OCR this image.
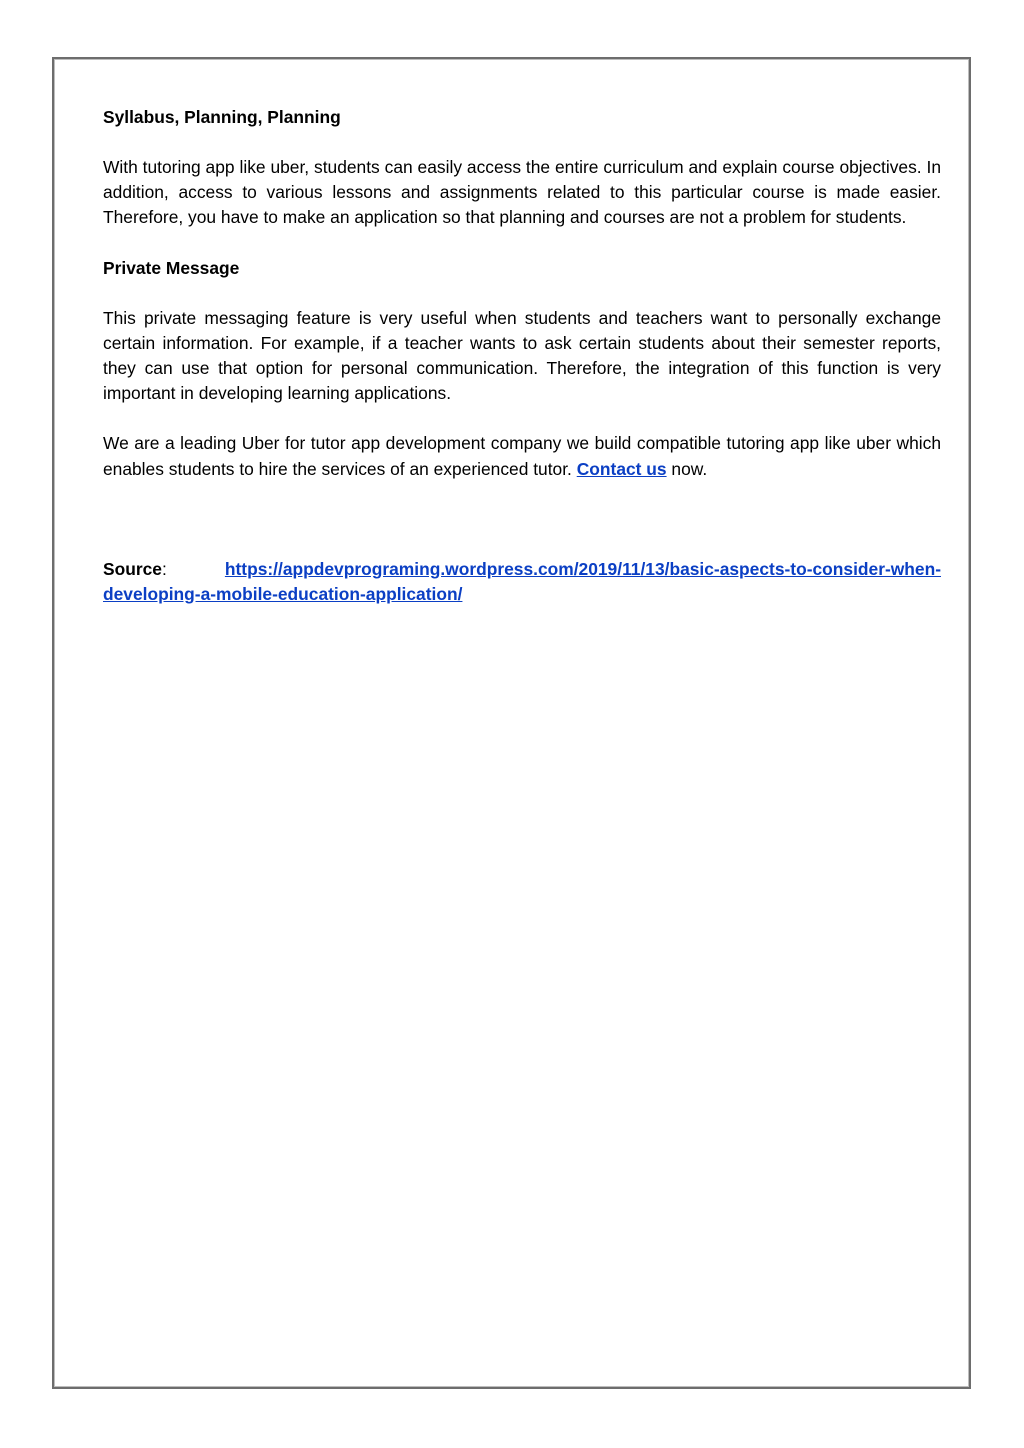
Syllabus, Planning, Planning

With tutoring app like uber, students can easily access the entire curriculum and explain course objectives. In addition, access to various lessons and assignments related to this particular course is made easier. Therefore, you have to make an application so that planning and courses are not a problem for students.

Private Message

This private messaging feature is very useful when students and teachers want to personally exchange certain information. For example, if a teacher wants to ask certain students about their semester reports, they can use that option for personal communication. Therefore, the integration of this function is very important in developing learning applications.

We are a leading Uber for tutor app development company we build compatible tutoring app like uber which enables students to hire the services of an experienced tutor. Contact us now.

Source:	https://appdevprograming.wordpress.com/2019/11/13/basic-aspects-to-consider-when-developing-a-mobile-education-application/
